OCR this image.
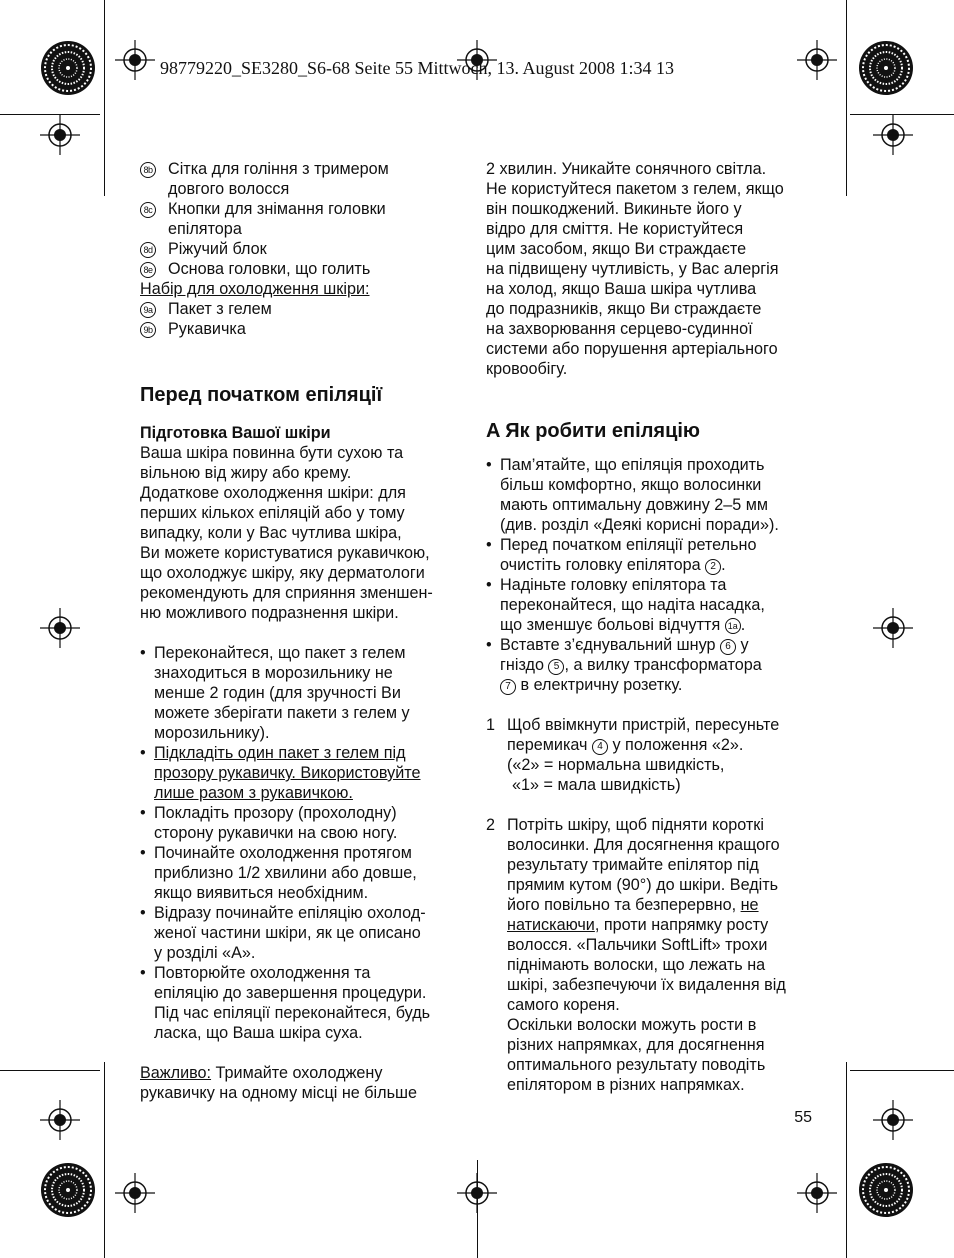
98779220_SE3280_S6-68 Seite 55 Mittwoch, 13. August 2008 1:34 13
8b Сітка для гоління з тримером
довгого волосся
8c Кнопки для знімання головки
епілятора
8d Ріжучий блок
8e Основа головки, що голить
Набір для охолодження шкіри:
9a Пакет з гелем
9b Рукавичка
Перед початком епіляції
Підготовка Вашої шкіри
Ваша шкіра повинна бути сухою та
вільною від жиру або крему.
Додаткове охолодження шкіри: для
перших кількох епіляцій або у тому
випадку, коли у Вас чутлива шкіра,
Ви можете користуватися рукавичкою,
що охолоджує шкіру, яку дерматологи
рекомендують для сприяння зменшен-
ню можливого подразнення шкіри.
• Переконайтеся, що пакет з гелем
знаходиться в морозильнику не
менше 2 годин (для зручності Ви
можете зберігати пакети з гелем у
морозильнику).
• Підкладіть один пакет з гелем під
прозору рукавичку. Використовуйте
лише разом з рукавичкою.
• Покладіть прозору (прохолодну)
сторону рукавички на свою ногу.
• Починайте охолодження протягом
приблизно 1/2 хвилини або довше,
якщо виявиться необхідним.
• Відразу починайте епіляцію охолод-
женої частини шкіри, як це описано
у розділі «A».
• Повторюйте охолодження та
епіляцію до завершення процедури.
Під час епіляції переконайтеся, будь
ласка, що Ваша шкіра суха.
Важливо: Тримайте охолоджену
рукавичку на одному місці не більше
2 хвилин. Уникайте сонячного світла.
Не користуйтеся пакетом з гелем, якщо
він пошкоджений. Викиньте його у
відро для сміття. Не користуйтеся
цим засобом, якщо Ви страждаєте
на підвищену чутливість, у Вас алергія
на холод, якщо Ваша шкіра чутлива
до подразників, якщо Ви страждаєте
на захворювання серцево-судинної
системи або порушення артеріального
кровообігу.
A Як робити епіляцію
• Пам’ятайте, що епіляція проходить
більш комфортно, якщо волосинки
мають оптимальну довжину 2–5 мм
(див. розділ «Деякі корисні поради»).
• Перед початком епіляції ретельно
очистіть головку епілятора 2 .
• Надіньте головку епілятора та
переконайтеся, що надіта насадка,
що зменшує больові відчуття 1a .
• Вставте з’єднувальний шнур 6 у
гніздо 5 , а вилку трансформатора
7 в електричну розетку.
1 Щоб ввімкнути пристрій, пересуньте
перемикач 4 у положення «2».
(«2» = нормальна швидкість,
«1» = мала швидкість)
2 Потріть шкіру, щоб підняти короткі
волосинки. Для досягнення кращого
результату тримайте епілятор під
прямим кутом (90°) до шкіри. Ведіть
його повільно та безперервно, не
натискаючи, проти напрямку росту
волосся. «Пальчики SoftLift» трохи
піднімають волоски, що лежать на
шкірі, забезпечуючи їх видалення від
самого кореня.
Оскільки волоски можуть рости в
різних напрямках, для досягнення
оптимального результату поводіть
епілятором в різних напрямках.
55
